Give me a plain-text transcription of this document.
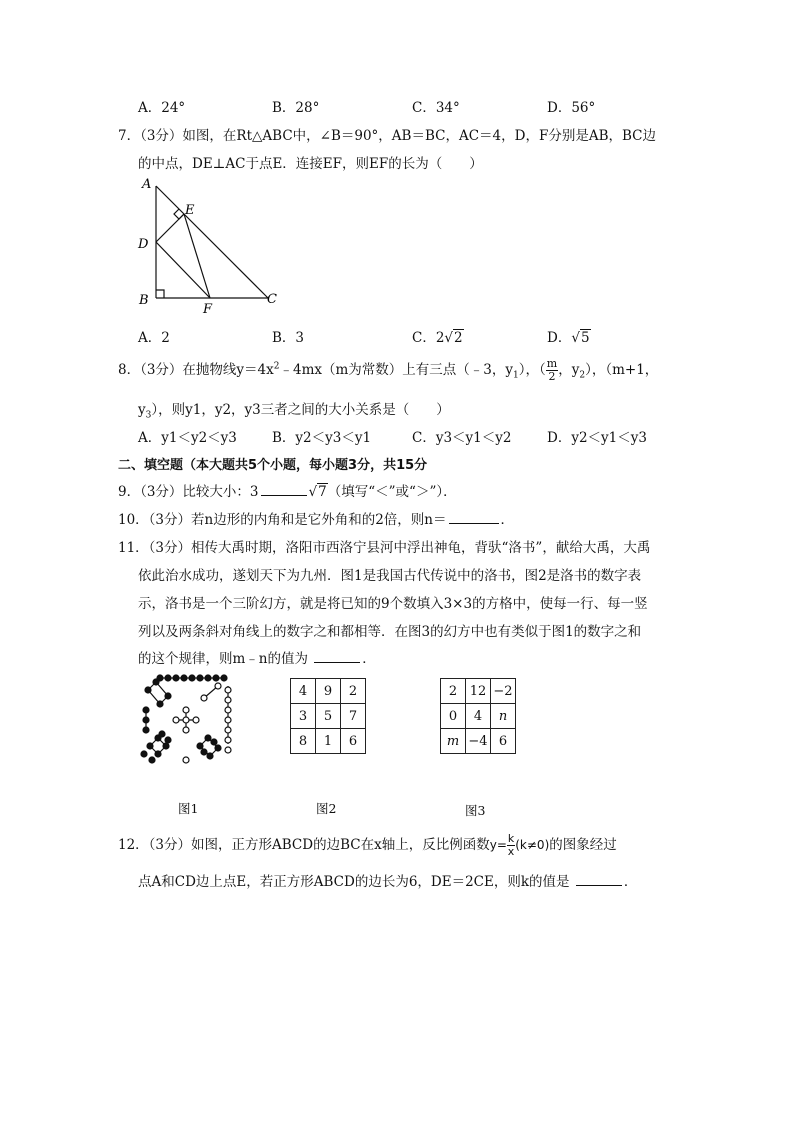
A．24°	B．28°	C．34°	D．56°
7．（3分）如图，在Rt△ABC中，∠B＝90°，AB＝BC，AC＝4，D，F分别是AB，BC边
的中点，DE⊥AC于点E．连接EF，则EF的长为（　　）
A
E
D
B
F
C
A．2	B．3	C．2√2	D．√5
8．（3分）在抛物线$y=4x^2﹣4mx(m$为常数）上有三点（﹣3，$y_1$），（ $\frac{m}{2}$ ，$y_2$），（m+1，
$y_3$），则y1，y2，y3三者之间的大小关系是（　　）
A．y1＜y2＜y3	B．y2＜y3＜y1	C．y3＜y1＜y2	D．y2＜y1＜y3
二、填空题（本大题共5个小题，每小题3分，共15分
9．（3分）比较大小：3	√7（填写“＜”或“＞”）．
10．（3分）若n边形的内角和是它外角和的2倍，则n＝	．
11．（3分）相传大禹时期，洛阳市西洛宁县河中浮出神龟，背驮“洛书”，献给大禹，大禹
依此治水成功，遂划天下为九州．图1是我国古代传说中的洛书，图2是洛书的数字表
示，洛书是一个三阶幻方，就是将已知的9个数填入3×3的方格中，使每一行、每一竖
列以及两条斜对角线上的数字之和都相等．在图3的幻方中也有类似于图1的数字之和
的这个规律，则m﹣n的值为	．
4	9	2
3	5	7
8	1	6
2	12	−2
0	4	n
m	−4	6
图1	图2	图3
12．（3分）如图，正方形ABCD的边BC在x轴上，反比例函数$y= \frac{k}{x} (k\ne 0)$的图象经过
点A和CD边上点E，若正方形ABCD的边长为6，DE＝2CE，则k的值是	．
